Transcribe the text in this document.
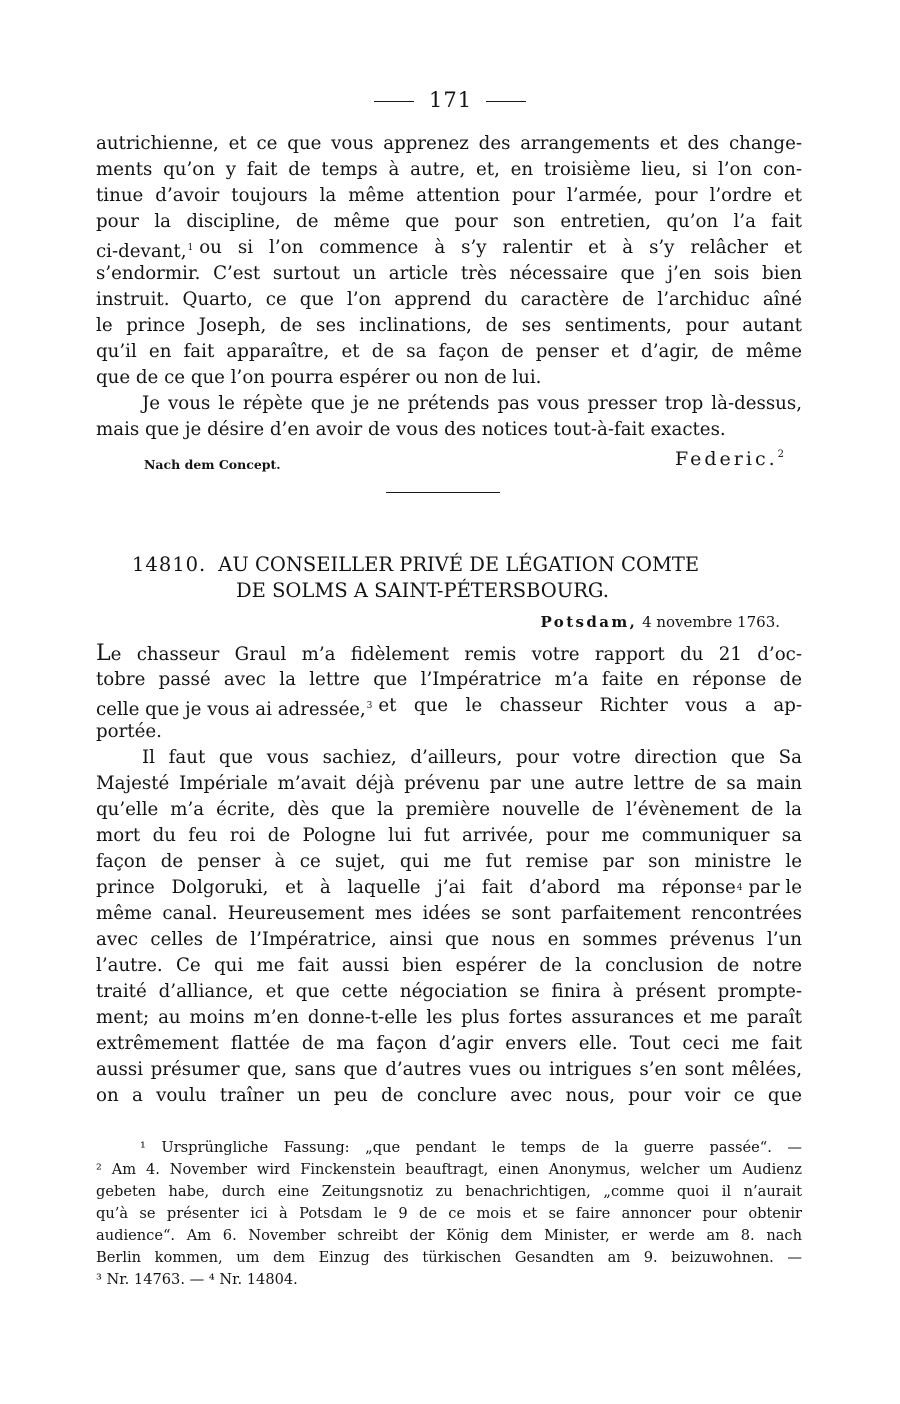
171
autrichienne, et ce que vous apprenez des arrangements et des change-
ments qu’on y fait de temps à autre, et, en troisième lieu, si l’on con-
tinue d’avoir toujours la même attention pour l’armée, pour l’ordre et
pour la discipline, de même que pour son entretien, qu’on l’a fait
ci-devant,$^1$ ou si l’on commence à s’y ralentir et à s’y relâcher et
s’endormir. C’est surtout un article très nécessaire que j’en sois bien
instruit. Quarto, ce que l’on apprend du caractère de l’archiduc aîné
le prince Joseph, de ses inclinations, de ses sentiments, pour autant
qu’il en fait apparaître, et de sa façon de penser et d’agir, de même
que de ce que l’on pourra espérer ou non de lui.
Je vous le répète que je ne prétends pas vous presser trop là-dessus,
mais que je désire d’en avoir de vous des notices tout-à-fait exactes.
Nach dem Concept.	Federic.$^2$
14810. AU CONSEILLER PRIVÉ DE LÉGATION COMTE
DE SOLMS A SAINT-PÉTERSBOURG.
Potsdam, 4 novembre 1763.
Le chasseur Graul m’a fidèlement remis votre rapport du 21 d’oc-
tobre passé avec la lettre que l’Impératrice m’a faite en réponse de
celle que je vous ai adressée,$^3$ et que le chasseur Richter vous a ap-
portée.
Il faut que vous sachiez, d’ailleurs, pour votre direction que Sa
Majesté Impériale m’avait déjà prévenu par une autre lettre de sa main
qu’elle m’a écrite, dès que la première nouvelle de l’évènement de la
mort du feu roi de Pologne lui fut arrivée, pour me communiquer sa
façon de penser à ce sujet, qui me fut remise par son ministre le
prince Dolgoruki, et à laquelle j’ai fait d’abord ma réponse 4 par le
même canal. Heureusement mes idées se sont parfaitement rencontrées
avec celles de l’Impératrice, ainsi que nous en sommes prévenus l’un
l’autre. Ce qui me fait aussi bien espérer de la conclusion de notre
traité d’alliance, et que cette négociation se finira à présent prompte-
ment; au moins m’en donne-t-elle les plus fortes assurances et me paraît
extrêmement flattée de ma façon d’agir envers elle. Tout ceci me fait
aussi présumer que, sans que d’autres vues ou intrigues s’en sont mêlées,
on a voulu traîner un peu de conclure avec nous, pour voir ce que
¹ Ursprüngliche Fassung: „que pendant le temps de la guerre passée“. —
² Am 4. November wird Finckenstein beauftragt, einen Anonymus, welcher um Audienz
gebeten habe, durch eine Zeitungsnotiz zu benachrichtigen, „comme quoi il n’aurait
qu’à se présenter ici à Potsdam le 9 de ce mois et se faire annoncer pour obtenir
audience“. Am 6. November schreibt der König dem Minister, er werde am 8. nach
Berlin kommen, um dem Einzug des türkischen Gesandten am 9. beizuwohnen. —
³ Nr. 14763. — ⁴ Nr. 14804.
